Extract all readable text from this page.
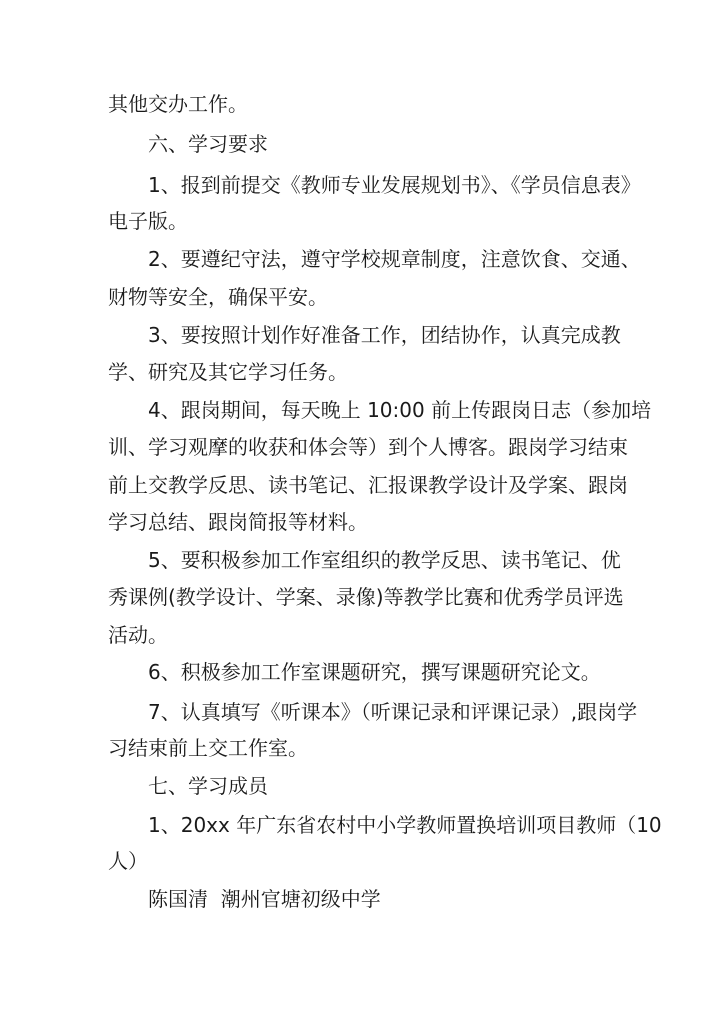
其他交办工作。
六、学习要求
1、报到前提交《教师专业发展规划书》、《学员信息表》
电子版。
2、要遵纪守法，遵守学校规章制度，注意饮食、交通、
财物等安全，确保平安。
3、要按照计划作好准备工作，团结协作，认真完成教
学、研究及其它学习任务。
4、跟岗期间，每天晚上 10:00 前上传跟岗日志（参加培
训、学习观摩的收获和体会等）到个人博客。跟岗学习结束
前上交教学反思、读书笔记、汇报课教学设计及学案、跟岗
学习总结、跟岗简报等材料。
5、要积极参加工作室组织的教学反思、读书笔记、优
秀课例(教学设计、学案、录像)等教学比赛和优秀学员评选
活动。
6、积极参加工作室课题研究，撰写课题研究论文。
7、认真填写《听课本》（听课记录和评课记录）,跟岗学
习结束前上交工作室。
七、学习成员
1、20xx 年广东省农村中小学教师置换培训项目教师（10
人）
陈国清  潮州官塘初级中学
